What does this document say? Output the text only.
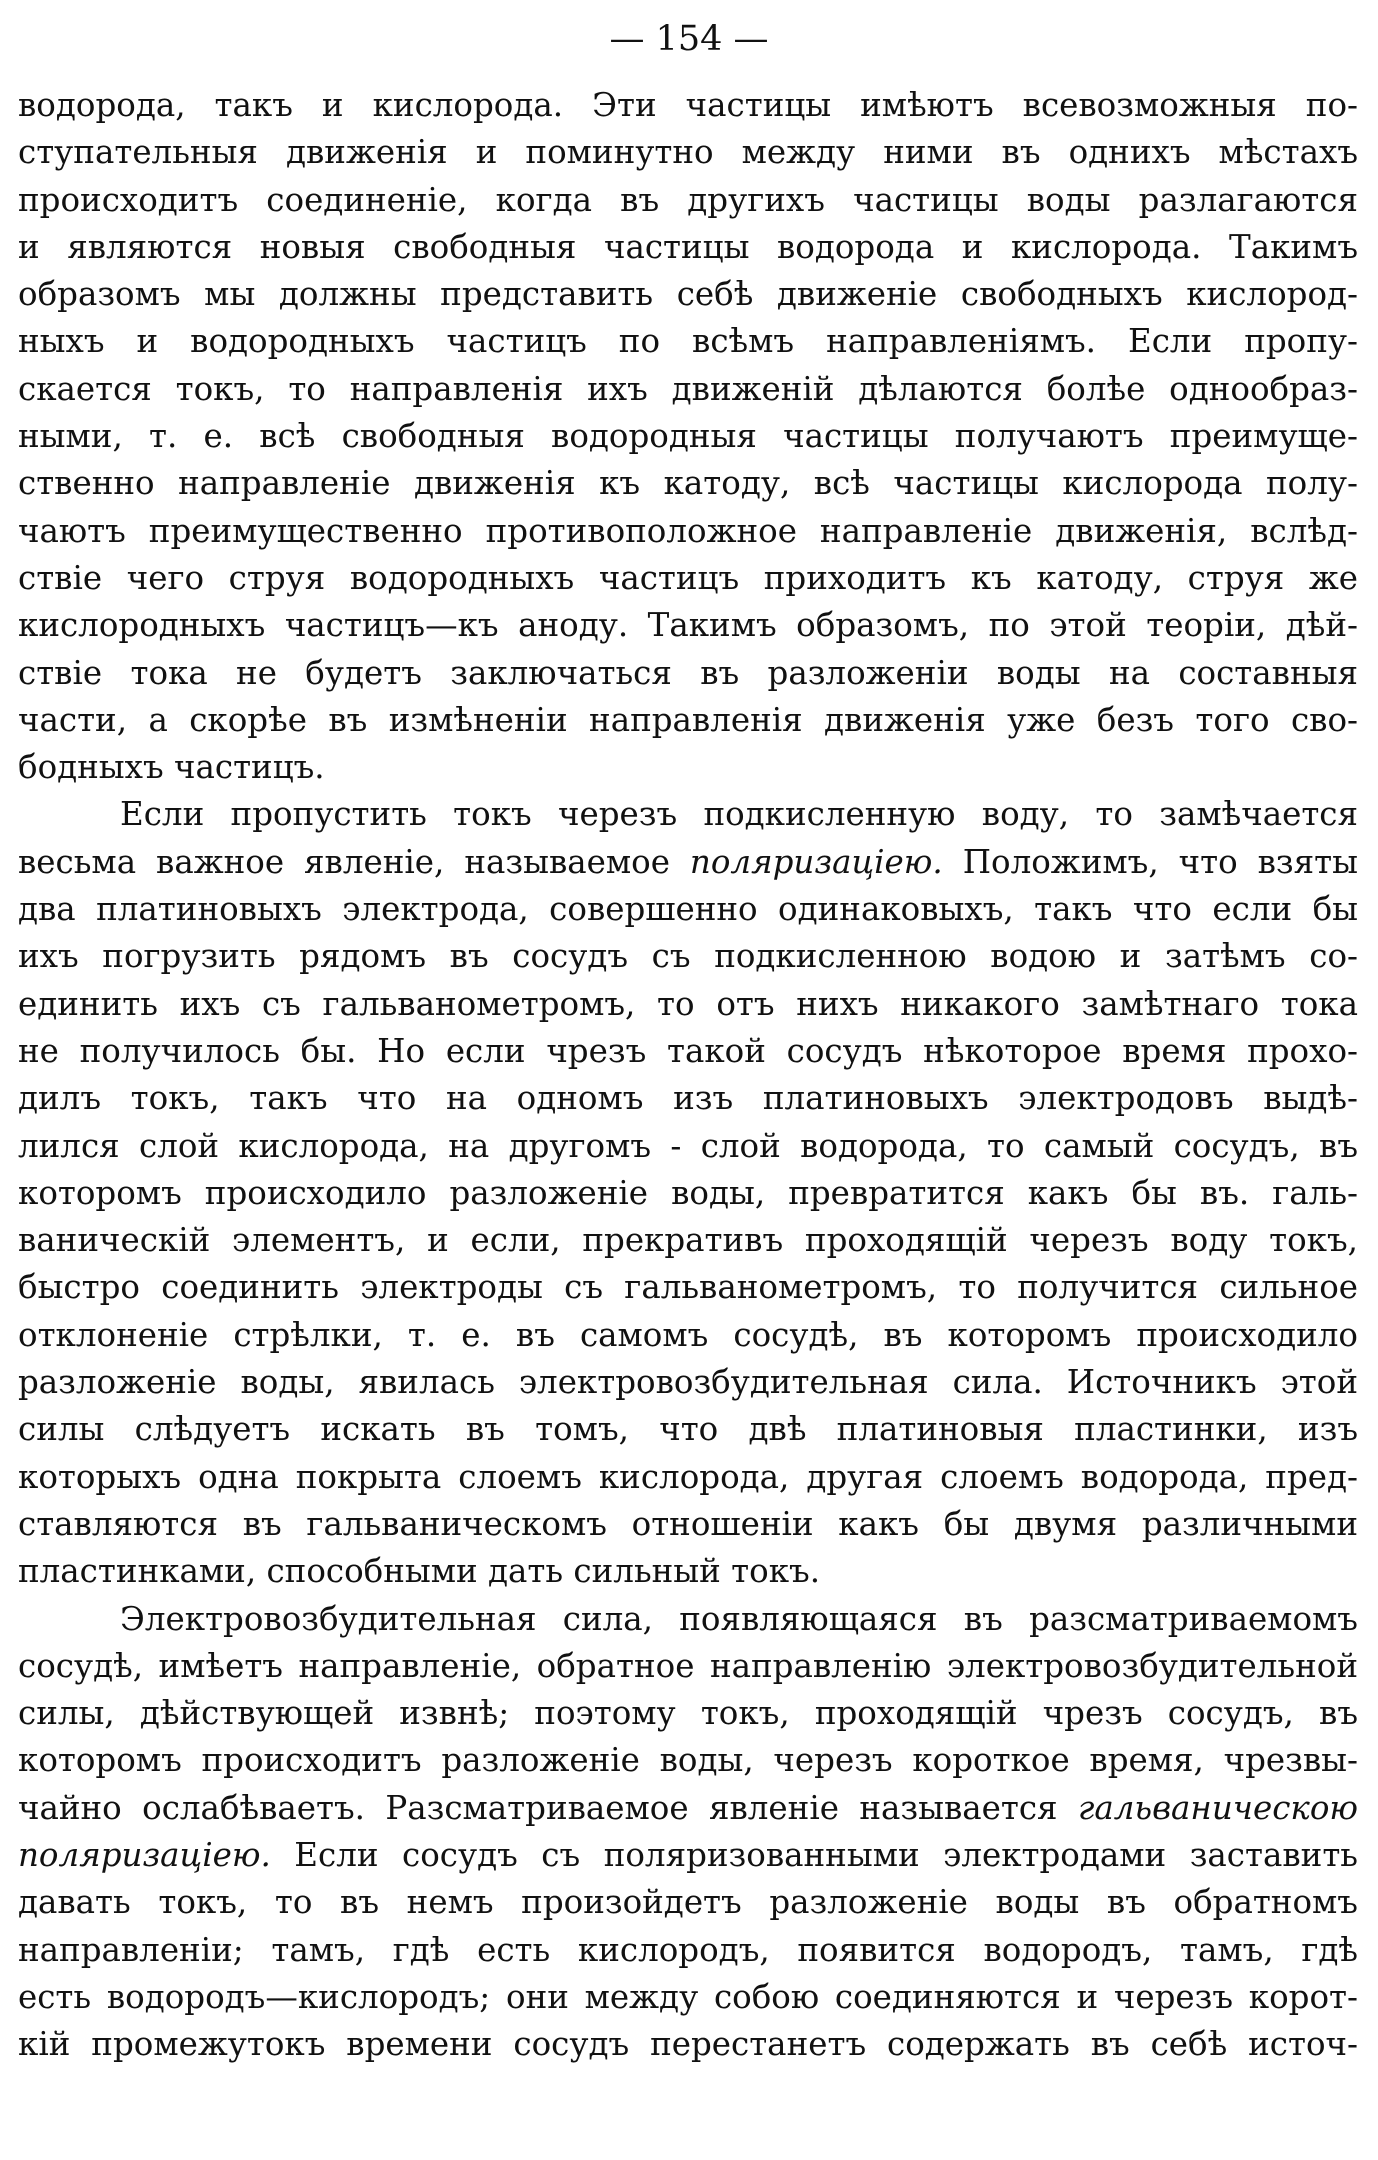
— 154 —
водорода, такъ и кислорода. Эти частицы имѣютъ всевозможныя по-
ступательныя движенія и поминутно между ними въ однихъ мѣстахъ
происходитъ соединеніе, когда въ другихъ частицы воды разлагаются
и являются новыя свободныя частицы водорода и кислорода. Такимъ
образомъ мы должны представить себѣ движеніе свободныхъ кислород-
ныхъ и водородныхъ частицъ по всѣмъ направленіямъ. Если пропу-
скается токъ, то направленія ихъ движеній дѣлаются болѣе однообраз-
ными, т. е. всѣ свободныя водородныя частицы получаютъ преимуще-
ственно направленіе движенія къ катоду, всѣ частицы кислорода полу-
чаютъ преимущественно противоположное направленіе движенія, вслѣд-
ствіе чего струя водородныхъ частицъ приходитъ къ катоду, струя же
кислородныхъ частицъ—къ аноду. Такимъ образомъ, по этой теоріи, дѣй-
ствіе тока не будетъ заключаться въ разложеніи воды на составныя
части, а скорѣе въ измѣненіи направленія движенія уже безъ того сво-
бодныхъ частицъ.
Если пропустить токъ черезъ подкисленную воду, то замѣчается
весьма важное явленіе, называемое поляризацiею. Положимъ, что взяты
два платиновыхъ электрода, совершенно одинаковыхъ, такъ что если бы
ихъ погрузить рядомъ въ сосудъ съ подкисленною водою и затѣмъ со-
единить ихъ съ гальванометромъ, то отъ нихъ никакого замѣтнаго тока
не получилось бы. Но если чрезъ такой сосудъ нѣкоторое время прохо-
дилъ токъ, такъ что на одномъ изъ платиновыхъ электродовъ выдѣ-
лился слой кислорода, на другомъ - слой водорода, то самый сосудъ, въ
которомъ происходило разложеніе воды, превратится какъ бы въ. галь-
ваническій элементъ, и если, прекративъ проходящій черезъ воду токъ,
быстро соединить электроды съ гальванометромъ, то получится сильное
отклоненіе стрѣлки, т. е. въ самомъ сосудѣ, въ которомъ происходило
разложеніе воды, явилась электровозбудительная сила. Источникъ этой
силы слѣдуетъ искать въ томъ, что двѣ платиновыя пластинки, изъ
которыхъ одна покрыта слоемъ кислорода, другая слоемъ водорода, пред-
ставляются въ гальваническомъ отношеніи какъ бы двумя различными
пластинками, способными дать сильный токъ.
Электровозбудительная сила, появляющаяся въ разсматриваемомъ
сосудѣ, имѣетъ направленіе, обратное направленію электровозбудительной
силы, дѣйствующей извнѣ; поэтому токъ, проходящій чрезъ сосудъ, въ
которомъ происходитъ разложеніе воды, черезъ короткое время, чрезвы-
чайно ослабѣваетъ. Разсматриваемое явленіе называется гальваническою
поляризацiею. Если сосудъ съ поляризованными электродами заставить
давать токъ, то въ немъ произойдетъ разложеніе воды въ обратномъ
направленіи; тамъ, гдѣ есть кислородъ, появится водородъ, тамъ, гдѣ
есть водородъ—кислородъ; они между собою соединяются и черезъ корот-
кій промежутокъ времени сосудъ перестанетъ содержать въ себѣ источ-
